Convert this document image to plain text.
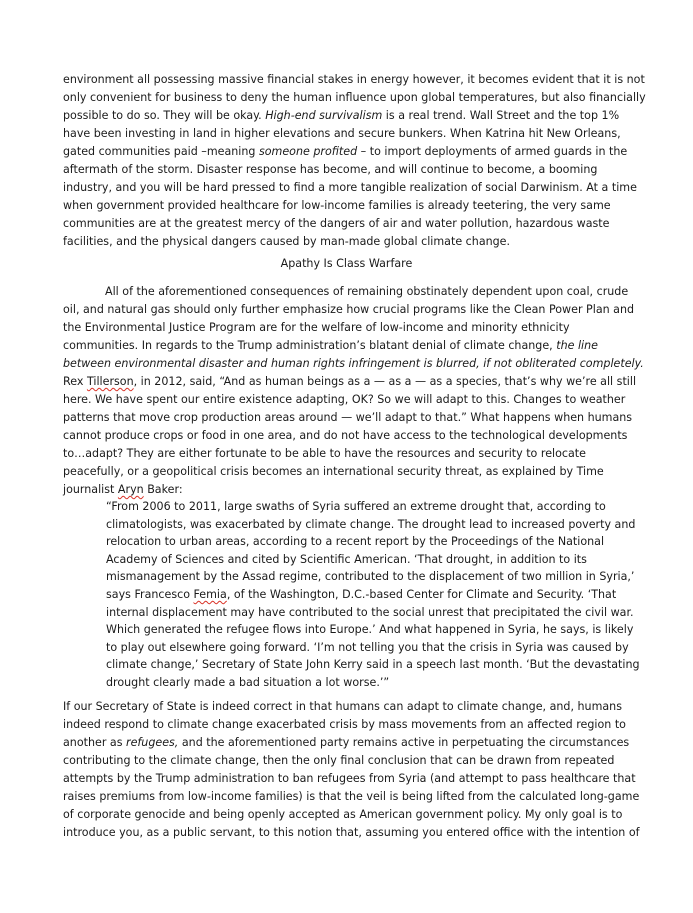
environment all possessing massive financial stakes in energy however, it becomes evident that it is not
only convenient for business to deny the human influence upon global temperatures, but also financially
possible to do so. They will be okay. High-end survivalism is a real trend. Wall Street and the top 1%
have been investing in land in higher elevations and secure bunkers. When Katrina hit New Orleans,
gated communities paid –meaning someone profited – to import deployments of armed guards in the
aftermath of the storm. Disaster response has become, and will continue to become, a booming
industry, and you will be hard pressed to find a more tangible realization of social Darwinism. At a time
when government provided healthcare for low-income families is already teetering, the very same
communities are at the greatest mercy of the dangers of air and water pollution, hazardous waste
facilities, and the physical dangers caused by man-made global climate change.
Apathy Is Class Warfare
All of the aforementioned consequences of remaining obstinately dependent upon coal, crude
oil, and natural gas should only further emphasize how crucial programs like the Clean Power Plan and
the Environmental Justice Program are for the welfare of low-income and minority ethnicity
communities. In regards to the Trump administration’s blatant denial of climate change, the line
between environmental disaster and human rights infringement is blurred, if not obliterated completely.
Rex Tillerson, in 2012, said, “And as human beings as a — as a — as a species, that’s why we’re all still
here. We have spent our entire existence adapting, OK? So we will adapt to this. Changes to weather
patterns that move crop production areas around — we’ll adapt to that.” What happens when humans
cannot produce crops or food in one area, and do not have access to the technological developments
to…adapt? They are either fortunate to be able to have the resources and security to relocate
peacefully, or a geopolitical crisis becomes an international security threat, as explained by Time
journalist Aryn Baker:
“From 2006 to 2011, large swaths of Syria suffered an extreme drought that, according to
climatologists, was exacerbated by climate change. The drought lead to increased poverty and
relocation to urban areas, according to a recent report by the Proceedings of the National
Academy of Sciences and cited by Scientific American. ‘That drought, in addition to its
mismanagement by the Assad regime, contributed to the displacement of two million in Syria,’
says Francesco Femia, of the Washington, D.C.-based Center for Climate and Security. ‘That
internal displacement may have contributed to the social unrest that precipitated the civil war.
Which generated the refugee flows into Europe.’ And what happened in Syria, he says, is likely
to play out elsewhere going forward. ‘I’m not telling you that the crisis in Syria was caused by
climate change,’ Secretary of State John Kerry said in a speech last month. ‘But the devastating
drought clearly made a bad situation a lot worse.’”
If our Secretary of State is indeed correct in that humans can adapt to climate change, and, humans
indeed respond to climate change exacerbated crisis by mass movements from an affected region to
another as refugees, and the aforementioned party remains active in perpetuating the circumstances
contributing to the climate change, then the only final conclusion that can be drawn from repeated
attempts by the Trump administration to ban refugees from Syria (and attempt to pass healthcare that
raises premiums from low-income families) is that the veil is being lifted from the calculated long-game
of corporate genocide and being openly accepted as American government policy. My only goal is to
introduce you, as a public servant, to this notion that, assuming you entered office with the intention of
